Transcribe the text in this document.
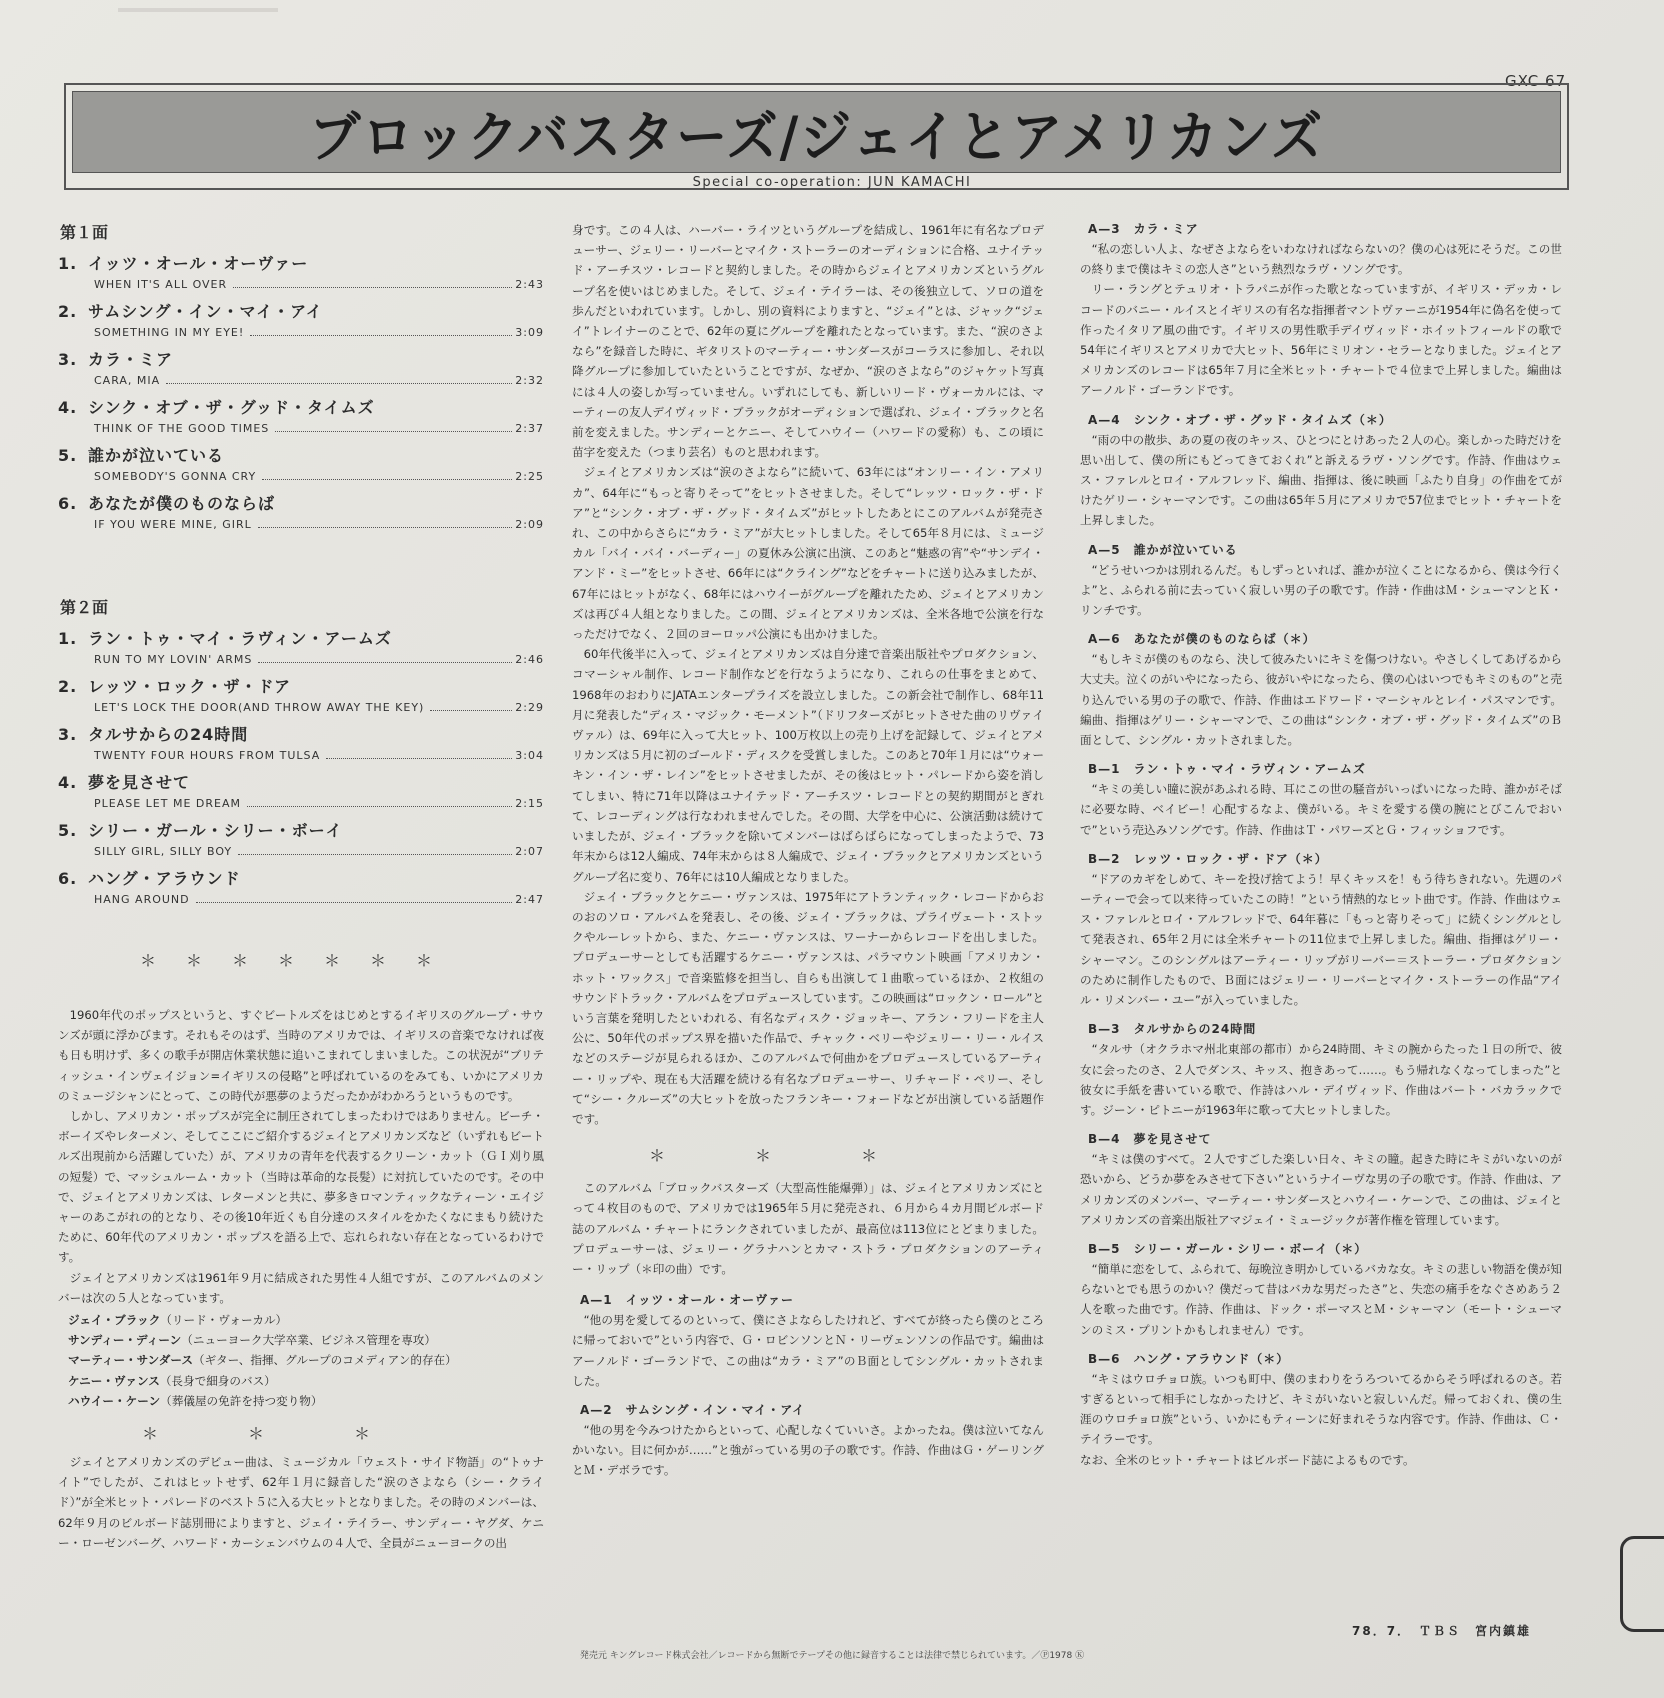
GXC 67
ブロックバスターズ/ジェイとアメリカンズ
Special co-operation: JUN KAMACHI
第１面
1. イッツ・オール・オーヴァー
WHEN IT'S ALL OVER	2:43
2. サムシング・イン・マイ・アイ
SOMETHING IN MY EYE!	3:09
3. カラ・ミア
CARA, MIA	2:32
4. シンク・オブ・ザ・グッド・タイムズ
THINK OF THE GOOD TIMES	2:37
5. 誰かが泣いている
SOMEBODY'S GONNA CRY	2:25
6. あなたが僕のものならば
IF YOU WERE MINE, GIRL	2:09
第２面
1. ラン・トゥ・マイ・ラヴィン・アームズ
RUN TO MY LOVIN' ARMS	2:46
2. レッツ・ロック・ザ・ドア
LET'S LOCK THE DOOR(AND THROW AWAY THE KEY)	2:29
3. タルサからの24時間
TWENTY FOUR HOURS FROM TULSA	3:04
4. 夢を見させて
PLEASE LET ME DREAM	2:15
5. シリー・ガール・シリー・ボーイ
SILLY GIRL, SILLY BOY	2:07
6. ハング・アラウンド
HANG AROUND	2:47
＊＊＊＊＊＊＊

1960年代のポップスというと、すぐビートルズをはじめとするイギリスのグループ・サウンズが頭に浮かびます。それもそのはず、当時のアメリカでは、イギリスの音楽でなければ夜も日も明けず、多くの歌手が開店休業状態に追いこまれてしまいました。この状況が“ブリティッシュ・インヴェイジョン=イギリスの侵略”と呼ばれているのをみても、いかにアメリカのミュージシャンにとって、この時代が悪夢のようだったかがわかろうというものです。

しかし、アメリカン・ポップスが完全に制圧されてしまったわけではありません。ビーチ・ボーイズやレターメン、そしてここにご紹介するジェイとアメリカンズなど（いずれもビートルズ出現前から活躍していた）が、アメリカの青年を代表するクリーン・カット（ＧＩ刈り風の短髪）で、マッシュルーム・カット（当時は革命的な長髪）に対抗していたのです。その中で、ジェイとアメリカンズは、レターメンと共に、夢多きロマンティックなティーン・エイジャーのあこがれの的となり、その後10年近くも自分達のスタイルをかたくなにまもり続けたために、60年代のアメリカン・ポップスを語る上で、忘れられない存在となっているわけです。

ジェイとアメリカンズは1961年９月に結成された男性４人組ですが、このアルバムのメンバーは次の５人となっています。

ジェイ・ブラック（リード・ヴォーカル）
サンディー・ディーン（ニューヨーク大学卒業、ビジネス管理を専攻）
マーティー・サンダース（ギター、指揮、グループのコメディアン的存在）
ケニー・ヴァンス（長身で細身のバス）
ハウイー・ケーン（葬儀屋の免許を持つ変り物）
＊＊＊

ジェイとアメリカンズのデビュー曲は、ミュージカル「ウェスト・サイド物語」の“トゥナイト”でしたが、これはヒットせず、62年１月に録音した“涙のさよなら（シー・クライド）”が全米ヒット・パレードのベスト５に入る大ヒットとなりました。その時のメンバーは、62年９月のビルボード誌別冊によりますと、ジェイ・テイラー、サンディー・ヤグダ、ケニー・ローゼンバーグ、ハワード・カーシェンバウムの４人で、全員がニューヨークの出

身です。この４人は、ハーバー・ライツというグループを結成し、1961年に有名なプロデューサー、ジェリー・リーバーとマイク・ストーラーのオーディションに合格、ユナイテッド・アーチスツ・レコードと契約しました。その時からジェイとアメリカンズというグループ名を使いはじめました。そして、ジェイ・テイラーは、その後独立して、ソロの道を歩んだといわれています。しかし、別の資料によりますと、“ジェイ”とは、ジャック“ジェイ”トレイナーのことで、62年の夏にグループを離れたとなっています。また、“涙のさよなら”を録音した時に、ギタリストのマーティー・サンダースがコーラスに参加し、それ以降グループに参加していたということですが、なぜか、“涙のさよなら”のジャケット写真には４人の姿しか写っていません。いずれにしても、新しいリード・ヴォーカルには、マーティーの友人デイヴィッド・ブラックがオーディションで選ばれ、ジェイ・ブラックと名前を変えました。サンディーとケニー、そしてハウイー（ハワードの愛称）も、この頃に苗字を変えた（つまり芸名）ものと思われます。

ジェイとアメリカンズは“涙のさよなら”に続いて、63年には“オンリー・イン・アメリカ”、64年に“もっと寄りそって”をヒットさせました。そして“レッツ・ロック・ザ・ドア”と“シンク・オブ・ザ・グッド・タイムズ”がヒットしたあとにこのアルバムが発売され、この中からさらに“カラ・ミア”が大ヒットしました。そして65年８月には、ミュージカル「バイ・バイ・バーディー」の夏休み公演に出演、このあと“魅惑の宵”や“サンデイ・アンド・ミー”をヒットさせ、66年には“クライング”などをチャートに送り込みましたが、67年にはヒットがなく、68年にはハウイーがグループを離れたため、ジェイとアメリカンズは再び４人組となりました。この間、ジェイとアメリカンズは、全米各地で公演を行なっただけでなく、２回のヨーロッパ公演にも出かけました。

60年代後半に入って、ジェイとアメリカンズは自分達で音楽出版社やプロダクション、コマーシャル制作、レコード制作などを行なうようになり、これらの仕事をまとめて、1968年のおわりにJATAエンタープライズを設立しました。この新会社で制作し、68年11月に発表した“ディス・マジック・モーメント”（ドリフターズがヒットさせた曲のリヴァイヴァル）は、69年に入って大ヒット、100万枚以上の売り上げを記録して、ジェイとアメリカンズは５月に初のゴールド・ディスクを受賞しました。このあと70年１月には“ウォーキン・イン・ザ・レイン”をヒットさせましたが、その後はヒット・パレードから姿を消してしまい、特に71年以降はユナイテッド・アーチスツ・レコードとの契約期間がとぎれて、レコーディングは行なわれませんでした。その間、大学を中心に、公演活動は続けていましたが、ジェイ・ブラックを除いてメンバーはばらばらになってしまったようで、73年末からは12人編成、74年末からは８人編成で、ジェイ・ブラックとアメリカンズというグループ名に変り、76年には10人編成となりました。

ジェイ・ブラックとケニー・ヴァンスは、1975年にアトランティック・レコードからおのおのソロ・アルバムを発表し、その後、ジェイ・ブラックは、プライヴェート・ストックやルーレットから、また、ケニー・ヴァンスは、ワーナーからレコードを出しました。プロデューサーとしても活躍するケニー・ヴァンスは、パラマウント映画「アメリカン・ホット・ワックス」で音楽監修を担当し、自らも出演して１曲歌っているほか、２枚組のサウンドトラック・アルバムをプロデュースしています。この映画は“ロックン・ロール”という言葉を発明したといわれる、有名なディスク・ジョッキー、アラン・フリードを主人公に、50年代のポップス界を描いた作品で、チャック・ベリーやジェリー・リー・ルイスなどのステージが見られるほか、このアルバムで何曲かをプロデュースしているアーティー・リップや、現在も大活躍を続ける有名なプロデューサー、リチャード・ペリー、そして“シー・クルーズ”の大ヒットを放ったフランキー・フォードなどが出演している話題作です。

＊＊＊

このアルバム「ブロックバスターズ（大型高性能爆弾）」は、ジェイとアメリカンズにとって４枚目のもので、アメリカでは1965年５月に発売され、６月から４カ月間ビルボード誌のアルバム・チャートにランクされていましたが、最高位は113位にとどまりました。プロデューサーは、ジェリー・グラナハンとカマ・ストラ・プロダクションのアーティー・リップ（＊印の曲）です。

A—1　イッツ・オール・オーヴァー

“他の男を愛してるのといって、僕にさよならしたけれど、すべてが終ったら僕のところに帰っておいで”という内容で、Ｇ・ロビンソンとＮ・リーヴェンソンの作品です。編曲はアーノルド・ゴーランドで、この曲は“カラ・ミア”のＢ面としてシングル・カットされました。

A—2　サムシング・イン・マイ・アイ

“他の男を今みつけたからといって、心配しなくていいさ。よかったね。僕は泣いてなんかいない。目に何かが……”と強がっている男の子の歌です。作詩、作曲はＧ・ゲーリングとＭ・デボラです。

A—3　カラ・ミア

“私の恋しい人よ、なぜさよならをいわなければならないの？僕の心は死にそうだ。この世の終りまで僕はキミの恋人さ”という熱烈なラヴ・ソングです。

リー・ラングとテュリオ・トラパニが作った歌となっていますが、イギリス・デッカ・レコードのバニー・ルイスとイギリスの有名な指揮者マントヴァーニが1954年に偽名を使って作ったイタリア風の曲です。イギリスの男性歌手デイヴィッド・ホイットフィールドの歌で54年にイギリスとアメリカで大ヒット、56年にミリオン・セラーとなりました。ジェイとアメリカンズのレコードは65年７月に全米ヒット・チャートで４位まで上昇しました。編曲はアーノルド・ゴーランドです。

A—4　シンク・オブ・ザ・グッド・タイムズ（＊）

“雨の中の散歩、あの夏の夜のキッス、ひとつにとけあった２人の心。楽しかった時だけを思い出して、僕の所にもどってきておくれ”と訴えるラヴ・ソングです。作詩、作曲はウェス・ファレルとロイ・アルフレッド、編曲、指揮は、後に映画「ふたり自身」の作曲をてがけたゲリー・シャーマンです。この曲は65年５月にアメリカで57位までヒット・チャートを上昇しました。

A—5　誰かが泣いている

“どうせいつかは別れるんだ。もしずっといれば、誰かが泣くことになるから、僕は今行くよ”と、ふられる前に去っていく寂しい男の子の歌です。作詩・作曲はＭ・シューマンとＫ・リンチです。

A—6　あなたが僕のものならば（＊）

“もしキミが僕のものなら、決して彼みたいにキミを傷つけない。やさしくしてあげるから大丈夫。泣くのがいやになったら、彼がいやになったら、僕の心はいつでもキミのもの”と売り込んでいる男の子の歌で、作詩、作曲はエドワード・マーシャルとレイ・パスマンです。編曲、指揮はゲリー・シャーマンで、この曲は“シンク・オブ・ザ・グッド・タイムズ”のＢ面として、シングル・カットされました。

B—1　ラン・トゥ・マイ・ラヴィン・アームズ

“キミの美しい瞳に涙があふれる時、耳にこの世の騒音がいっぱいになった時、誰かがそばに必要な時、ベイビー！心配するなよ、僕がいる。キミを愛する僕の腕にとびこんでおいで”という売込みソングです。作詩、作曲はＴ・パワーズとＧ・フィッショフです。

B—2　レッツ・ロック・ザ・ドア（＊）

“ドアのカギをしめて、キーを投げ捨てよう！早くキッスを！もう待ちきれない。先週のパーティーで会って以来待っていたこの時！”という情熱的なヒット曲です。作詩、作曲はウェス・ファレルとロイ・アルフレッドで、64年暮に「もっと寄りそって」に続くシングルとして発表され、65年２月には全米チャートの11位まで上昇しました。編曲、指揮はゲリー・シャーマン。このシングルはアーティー・リップがリーバー＝ストーラー・プロダクションのために制作したもので、Ｂ面にはジェリー・リーバーとマイク・ストーラーの作品“アイル・リメンバー・ユー”が入っていました。

B—3　タルサからの24時間

“タルサ（オクラホマ州北東部の都市）から24時間、キミの腕からたった１日の所で、彼女に会ったのさ、２人でダンス、キッス、抱きあって……。もう帰れなくなってしまった”と彼女に手紙を書いている歌で、作詩はハル・デイヴィッド、作曲はバート・バカラックです。ジーン・ピトニーが1963年に歌って大ヒットしました。

B—4　夢を見させて

“キミは僕のすべて。２人ですごした楽しい日々、キミの瞳。起きた時にキミがいないのが恐いから、どうか夢をみさせて下さい”というナイーヴな男の子の歌です。作詩、作曲は、アメリカンズのメンバー、マーティー・サンダースとハウイー・ケーンで、この曲は、ジェイとアメリカンズの音楽出版社アマジェイ・ミュージックが著作権を管理しています。

B—5　シリー・ガール・シリー・ボーイ（＊）

“簡単に恋をして、ふられて、毎晩泣き明かしているバカな女。キミの悲しい物語を僕が知らないとでも思うのかい？僕だって昔はバカな男だったさ”と、失恋の痛手をなぐさめあう２人を歌った曲です。作詩、作曲は、ドック・ポーマスとＭ・シャーマン（モート・シューマンのミス・プリントかもしれません）です。

B—6　ハング・アラウンド（＊）

“キミはウロチョロ族。いつも町中、僕のまわりをうろついてるからそう呼ばれるのさ。若すぎるといって相手にしなかったけど、キミがいないと寂しいんだ。帰っておくれ、僕の生涯のウロチョロ族”という、いかにもティーンに好まれそうな内容です。作詩、作曲は、Ｃ・テイラーです。

なお、全米のヒット・チャートはビルボード誌によるものです。

78．7．　ＴＢＳ　宮内鎮雄
発売元 キングレコード株式会社／レコードから無断でテープその他に録音することは法律で禁じられています。／Ⓟ1978 Ⓚ
